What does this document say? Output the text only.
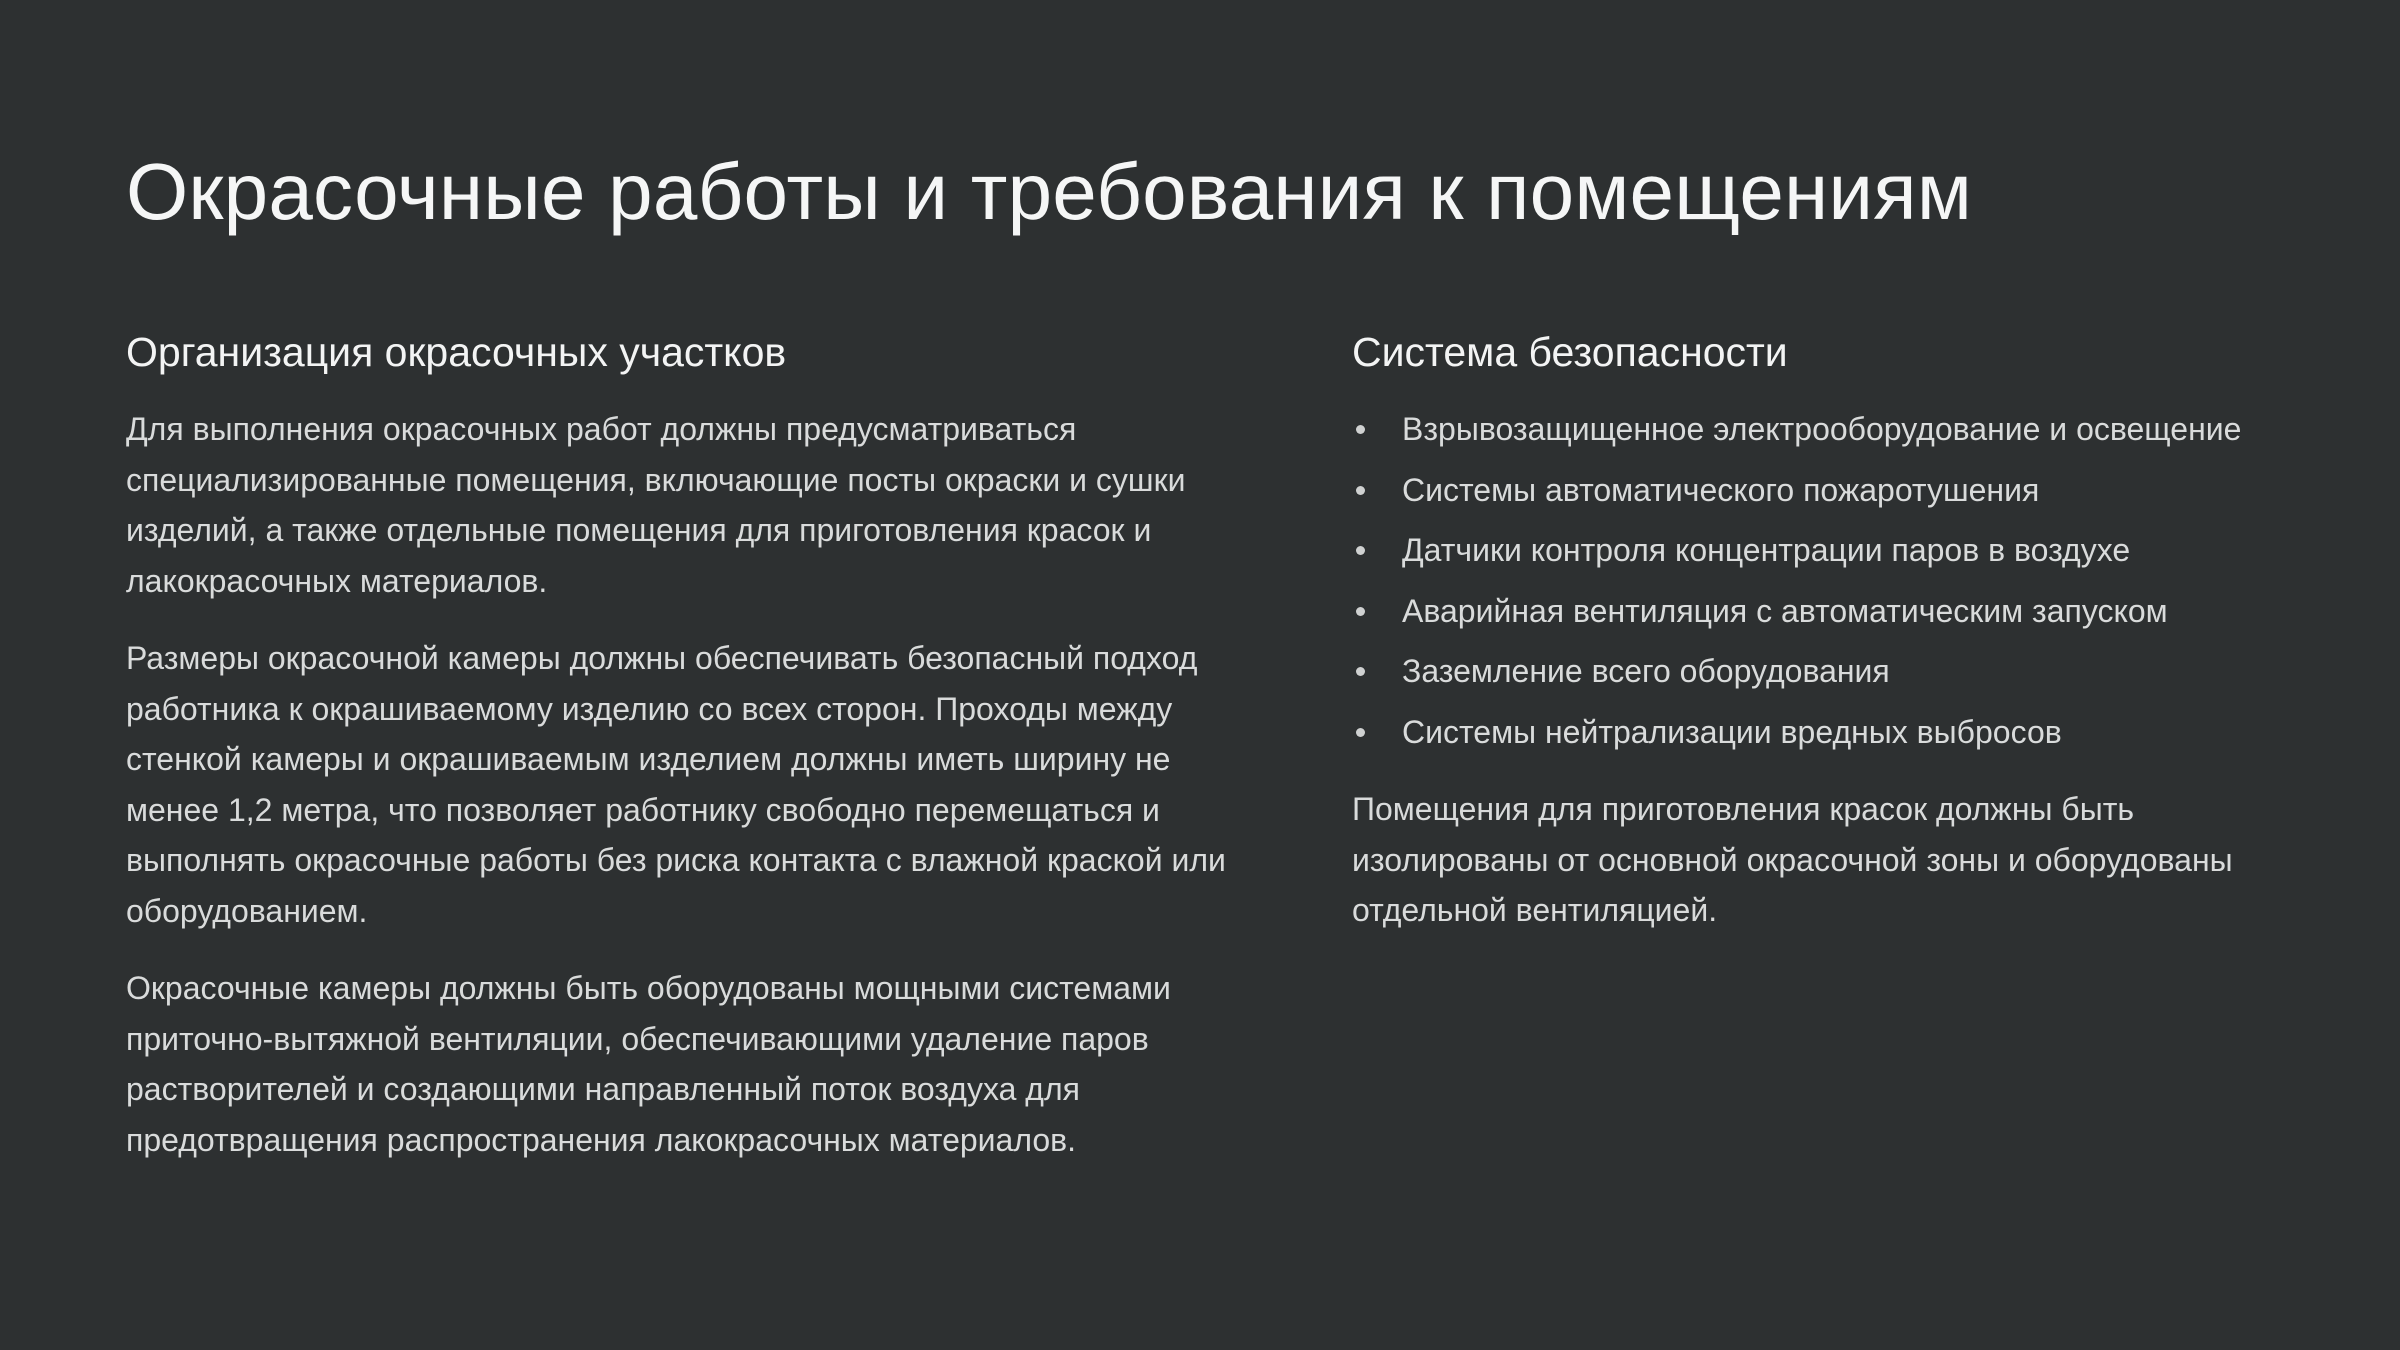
Окрасочные работы и требования к помещениям
Организация окрасочных участков

Для выполнения окрасочных работ должны предусматриваться специализированные помещения, включающие посты окраски и сушки изделий, а также отдельные помещения для приготовления красок и лакокрасочных материалов.

Размеры окрасочной камеры должны обеспечивать безопасный подход работника к окрашиваемому изделию со всех сторон. Проходы между стенкой камеры и окрашиваемым изделием должны иметь ширину не менее 1,2 метра, что позволяет работнику свободно перемещаться и выполнять окрасочные работы без риска контакта с влажной краской или оборудованием.

Окрасочные камеры должны быть оборудованы мощными системами приточно-вытяжной вентиляции, обеспечивающими удаление паров растворителей и создающими направленный поток воздуха для предотвращения распространения лакокрасочных материалов.

Система безопасности
Взрывозащищенное электрооборудование и освещение
Системы автоматического пожаротушения
Датчики контроля концентрации паров в воздухе
Аварийная вентиляция с автоматическим запуском
Заземление всего оборудования
Системы нейтрализации вредных выбросов

Помещения для приготовления красок должны быть изолированы от основной окрасочной зоны и оборудованы отдельной вентиляцией.
